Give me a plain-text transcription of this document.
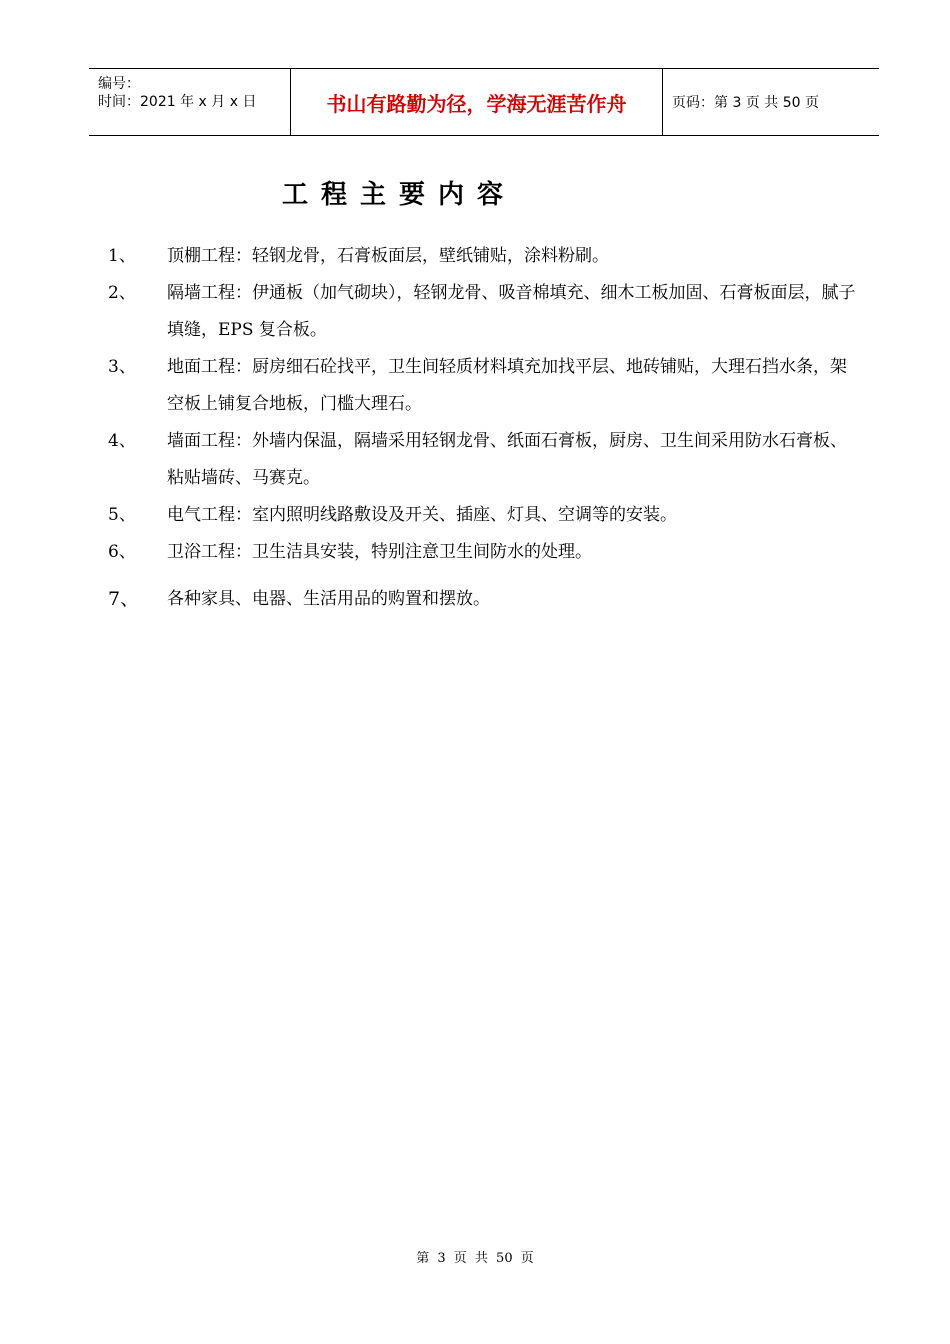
编号：
时间：2021 年 x 月 x 日	书山有路勤为径，学海无涯苦作舟	页码：第 3 页 共 50 页
工程主要内容
1、	顶棚工程：轻钢龙骨，石膏板面层，壁纸铺贴，涂料粉刷。
2、	隔墙工程：伊通板（加气砌块），轻钢龙骨、吸音棉填充、细木工板加固、石膏板面层，腻子填缝，EPS 复合板。
3、	地面工程：厨房细石砼找平，卫生间轻质材料填充加找平层、地砖铺贴，大理石挡水条，架空板上铺复合地板，门槛大理石。
4、	墙面工程：外墙内保温，隔墙采用轻钢龙骨、纸面石膏板，厨房、卫生间采用防水石膏板、粘贴墙砖、马赛克。
5、	电气工程：室内照明线路敷设及开关、插座、灯具、空调等的安装。
6、	卫浴工程：卫生洁具安装，特别注意卫生间防水的处理。
7、	各种家具、电器、生活用品的购置和摆放。
第 3 页 共 50 页
